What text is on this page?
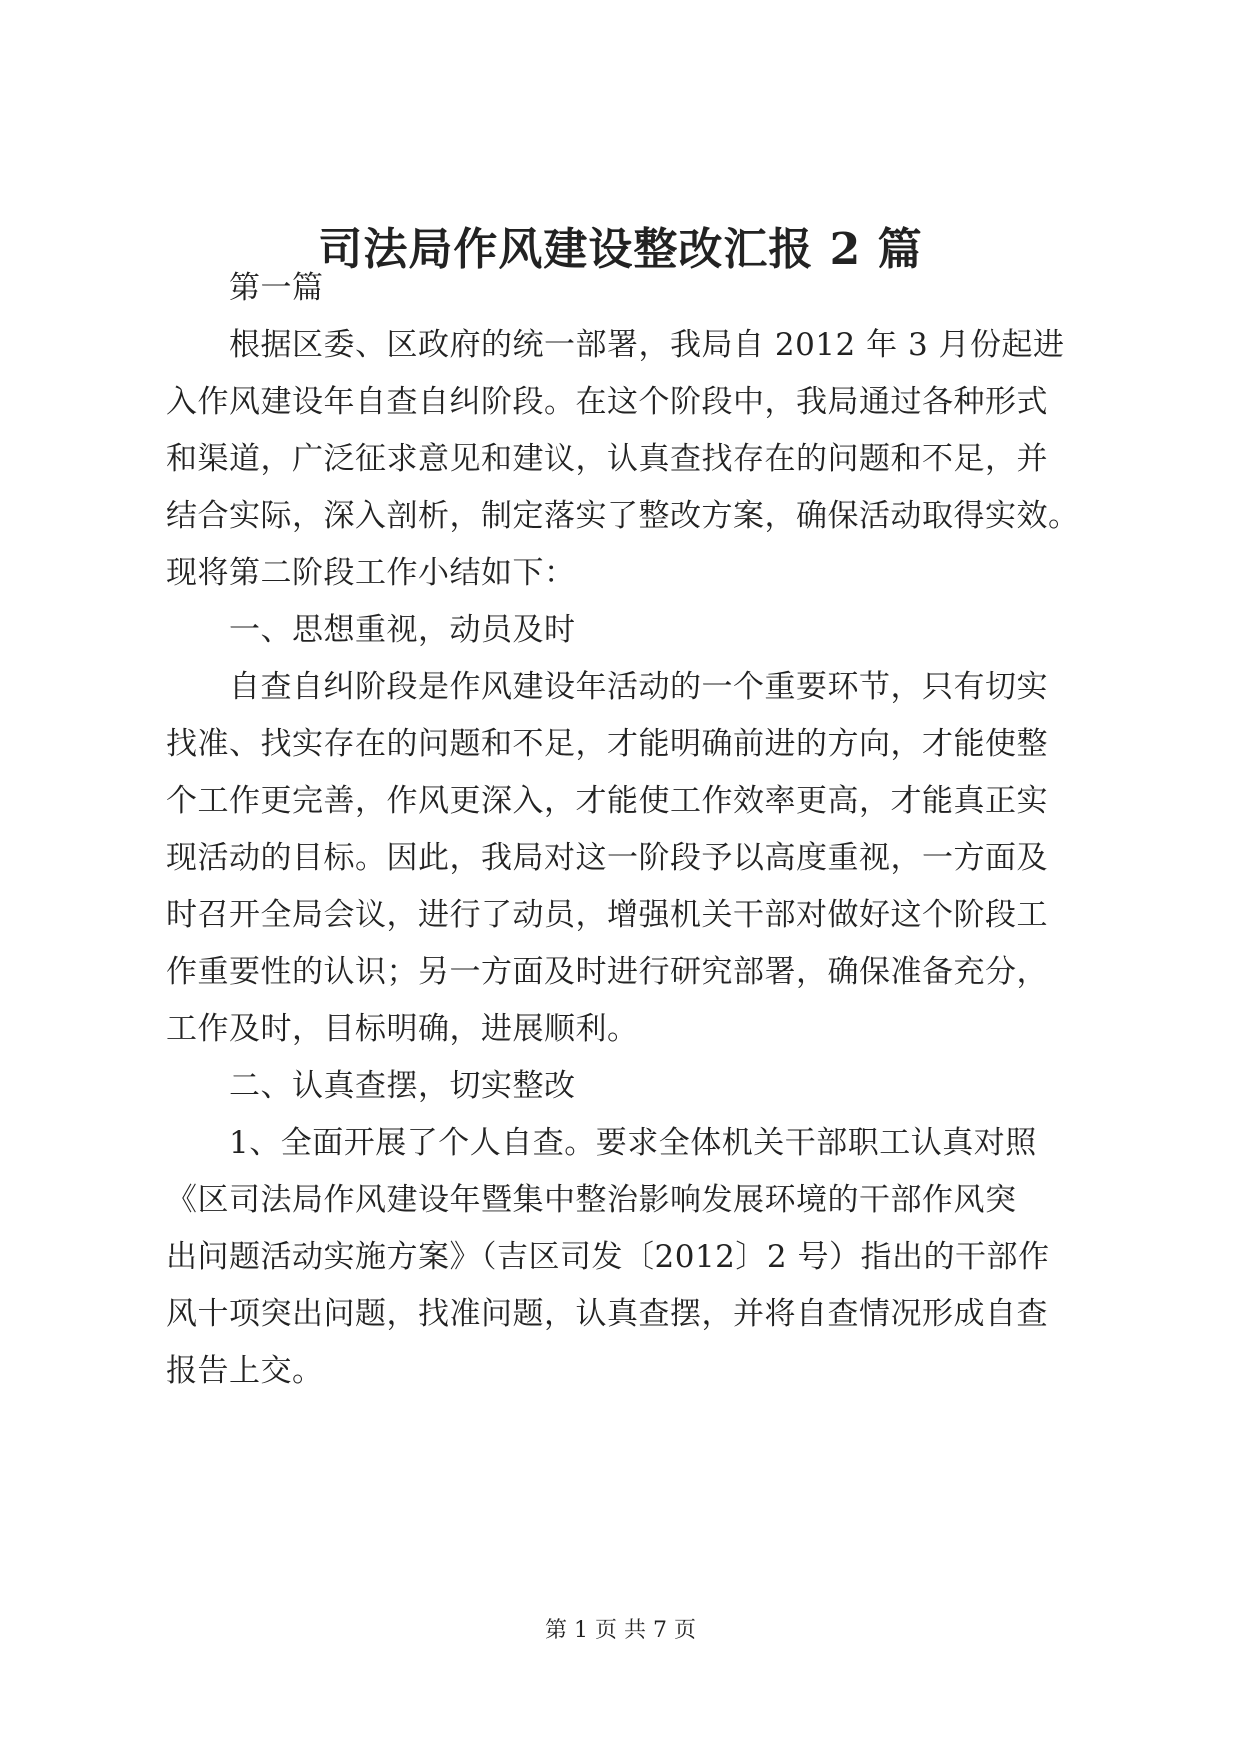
司法局作风建设整改汇报 2 篇
　　第一篇
　　根据区委、区政府的统一部署，我局自 2012 年 3 月份起进
入作风建设年自查自纠阶段。在这个阶段中，我局通过各种形式
和渠道，广泛征求意见和建议，认真查找存在的问题和不足，并
结合实际，深入剖析，制定落实了整改方案，确保活动取得实效。
现将第二阶段工作小结如下：
　　一、思想重视，动员及时
　　自查自纠阶段是作风建设年活动的一个重要环节，只有切实
找准、找实存在的问题和不足，才能明确前进的方向，才能使整
个工作更完善，作风更深入，才能使工作效率更高，才能真正实
现活动的目标。因此，我局对这一阶段予以高度重视，一方面及
时召开全局会议，进行了动员，增强机关干部对做好这个阶段工
作重要性的认识；另一方面及时进行研究部署，确保准备充分，
工作及时，目标明确，进展顺利。
　　二、认真查摆，切实整改
　　1、全面开展了个人自查。要求全体机关干部职工认真对照
《区司法局作风建设年暨集中整治影响发展环境的干部作风突
出问题活动实施方案》（吉区司发〔2012〕2 号）指出的干部作
风十项突出问题，找准问题，认真查摆，并将自查情况形成自查
报告上交。
第 1 页 共 7 页
